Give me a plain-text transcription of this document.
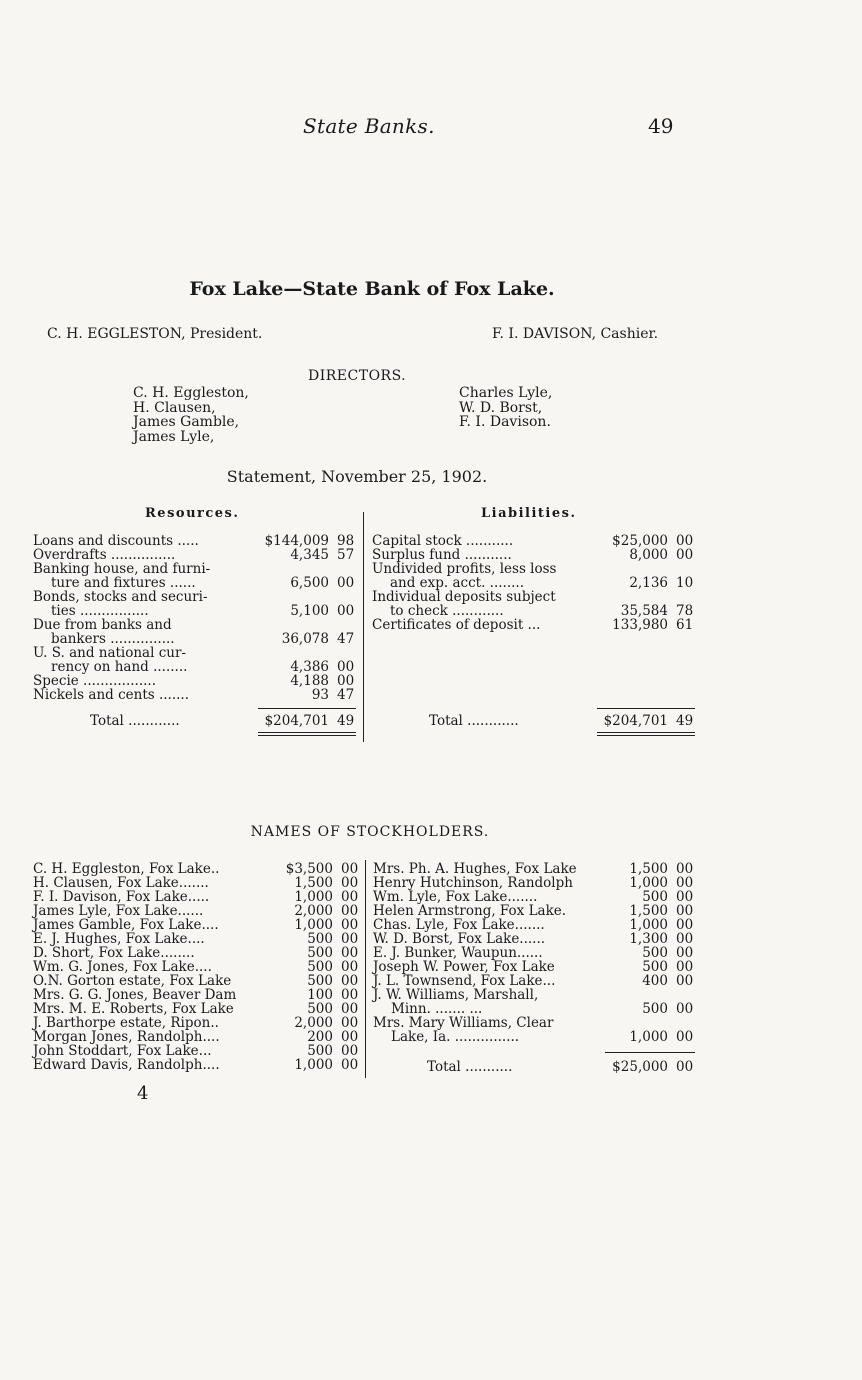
State Banks.	49
Fox Lake—State Bank of Fox Lake.
C. H. EGGLESTON, President.	F. I. DAVISON, Cashier.
DIRECTORS.
C. H. Eggleston,
H. Clausen,
James Gamble,
James Lyle,
Charles Lyle,
W. D. Borst,
F. I. Davison.
Statement, November 25, 1902.
Resources.	Liabilities.
Loans and discounts .....	$144,009 98
Overdrafts ...............	4,345 57
Banking house, and furni-
ture and fixtures ......	6,500 00
Bonds, stocks and securi-
ties ................	5,100 00
Due from banks and
bankers ...............	36,078 47
U. S. and national cur-
rency on hand ........	4,386 00
Specie .................	4,188 00
Nickels and cents .......	93 47
Total ............	$204,701 49
Capital stock ...........	$25,000 00
Surplus fund ...........	8,000 00
Undivided profits, less loss
and exp. acct. ........	2,136 10
Individual deposits subject
to check ............	35,584 78
Certificates of deposit ...	133,980 61
Total ............	$204,701 49
NAMES OF STOCKHOLDERS.
C. H. Eggleston, Fox Lake..	$3,500 00
H. Clausen, Fox Lake.......	1,500 00
F. I. Davison, Fox Lake.....	1,000 00
James Lyle, Fox Lake......	2,000 00
James Gamble, Fox Lake....	1,000 00
E. J. Hughes, Fox Lake....	500 00
D. Short, Fox Lake........	500 00
Wm. G. Jones, Fox Lake....	500 00
O.N. Gorton estate, Fox Lake	500 00
Mrs. G. G. Jones, Beaver Dam	100 00
Mrs. M. E. Roberts, Fox Lake	500 00
J. Barthorpe estate, Ripon..	2,000 00
Morgan Jones, Randolph....	200 00
John Stoddart, Fox Lake...	500 00
Edward Davis, Randolph....	1,000 00
Mrs. Ph. A. Hughes, Fox Lake	1,500 00
Henry Hutchinson, Randolph	1,000 00
Wm. Lyle, Fox Lake.......	500 00
Helen Armstrong, Fox Lake.	1,500 00
Chas. Lyle, Fox Lake.......	1,000 00
W. D. Borst, Fox Lake......	1,300 00
E. J. Bunker, Waupun......	500 00
Joseph W. Power, Fox Lake	500 00
J. L. Townsend, Fox Lake...	400 00
J. W. Williams, Marshall,
Minn. ....... ...	500 00
Mrs. Mary Williams, Clear
Lake, Ia. ...............	1,000 00
Total ...........	$25,000 00
4
